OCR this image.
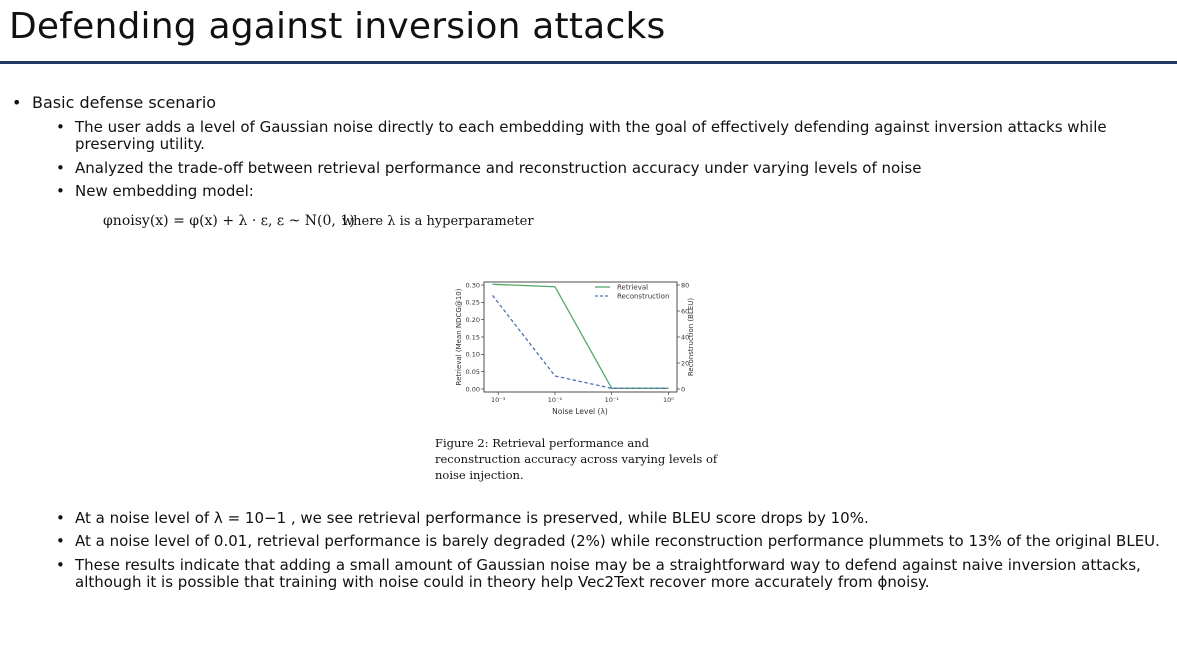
Defending against inversion attacks
• Basic defense scenario
• The user adds a level of Gaussian noise directly to each embedding with the goal of effectively defending against inversion attacks while preserving utility.
• Analyzed the trade-off between retrieval performance and reconstruction accuracy under varying levels of noise
• New embedding model:
φnoisy(x) = φ(x) + λ · ε, ε ~ N(0, 1)
where λ is a hyperparameter
0.00
0.05
0.10
0.15
0.20
0.25
0.30
0
20
40
60
80
10⁻³	10⁻²	10⁻¹	10⁰
Retrieval
Reconstruction
Noise Level (λ)
Retrieval (Mean NDCG@10)	Reconstruction (BLEU)
Figure 2: Retrieval performance and reconstruction accuracy across varying levels of noise injection.
• At a noise level of λ = 10−1 , we see retrieval performance is preserved, while BLEU score drops by 10%.
• At a noise level of 0.01, retrieval performance is barely degraded (2%) while reconstruction performance plummets to 13% of the original BLEU.
• These results indicate that adding a small amount of Gaussian noise may be a straightforward way to defend against naive inversion attacks, although it is possible that training with noise could in theory help Vec2Text recover more accurately from ϕnoisy.
